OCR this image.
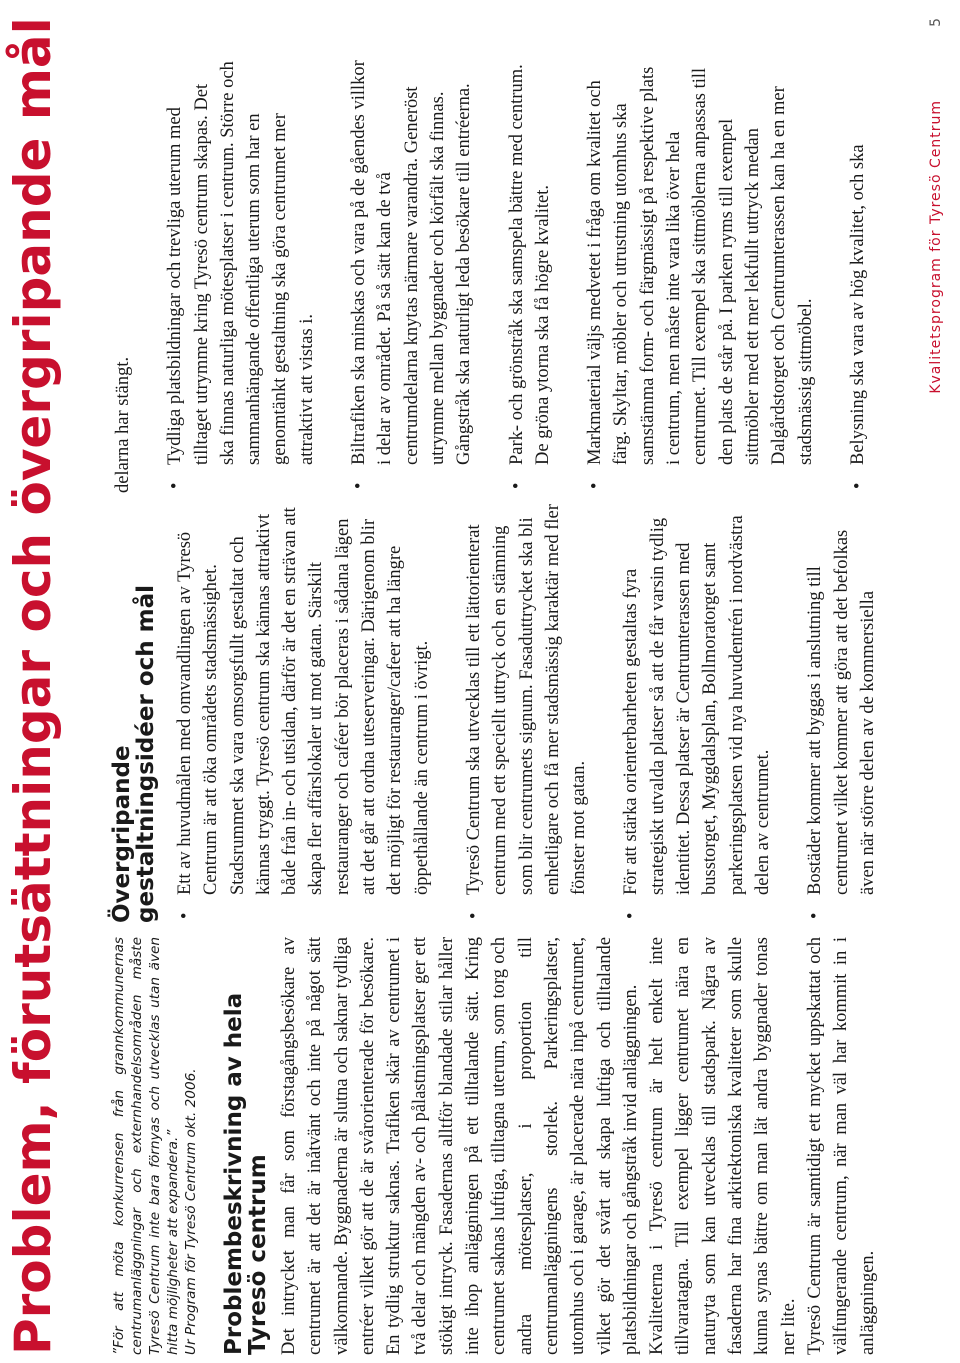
Problem, förutsättningar och övergripande mål	”För att möta konkurrensen från grannkommunernas centrumanläggningar och externhandelsområden måste Tyresö Centrum inte bara förnyas och utvecklas utan även hitta möjligheter att expandera.” Ur Program för Tyresö Centrum okt. 2006. Problembeskrivning av hela
Tyresö centrum Det intrycket man får som förstagångsbesökare av centrumet är att det är inåtvänt och inte på något sätt välkomnande. Byggnaderna är slutna och saknar tydliga entréer vilket gör att de är svårorienterade för besökare. En tydlig struktur saknas. Trafiken skär av centrumet i två delar och mängden av- och pålastningsplatser ger ett stökigt intryck. Fasadernas alltför blandade stilar håller inte ihop anläggningen på ett tilltalande sätt. Kring centrumet saknas luftiga, tilltagna uterum, som torg och andra mötesplatser, i proportion till centrumanläggningens storlek. Parkeringsplatser, utomhus och i garage, är placerade nära inpå centrumet, vilket gör det svårt att skapa luftiga och tilltalande platsbildningar och gångstråk invid anläggningen. Kvaliteterna i Tyresö centrum är helt enkelt inte tillvaratagna. Till exempel ligger centrumet nära en naturyta som kan utvecklas till stadspark. Några av fasaderna har fina arkitektoniska kvaliteter som skulle kunna synas bättre om man lät andra byggnader tonas ner lite. Tyresö Centrum är samtidigt ett mycket uppskattat och välfungerande centrum, när man väl har kommit in i anläggningen.

Övergripande
gestaltningsidéer och mål • Ett av huvudmålen med omvandlingen av Tyresö Centrum är att öka områdets stadsmässighet. Stadsrummet ska vara omsorgsfullt gestaltat och kännas tryggt. Tyresö centrum ska kännas attraktivt både från in- och utsidan, därför är det en strävan att skapa fler affärslokaler ut mot gatan. Särskilt restauranger och caféer bör placeras i sådana lägen att det går att ordna uteserveringar. Därigenom blir det möjligt för restauranger/cafeer att ha längre öppethållande än centrum i övrigt. • Tyresö Centrum ska utvecklas till ett lättorienterat centrum med ett speciellt uttryck och en stämning som blir centrumets signum. Fasaduttrycket ska bli enhetligare och få mer stadsmässig karaktär med fler fönster mot gatan. • För att stärka orienterbarheten gestaltas fyra strategiskt utvalda platser så att de får varsin tydlig identitet. Dessa platser är Centrumterassen med busstorget, Myggdalsplan, Bollmoratorget samt parkeringsplatsen vid nya huvudentrén i nordvästra delen av centrumet. • Bostäder kommer att byggas i anslutning till centrumet vilket kommer att göra att det befolkas även när större delen av de kommersiella

delarna har stängt. • Tydliga platsbildningar och trevliga uterum med tilltaget utrymme kring Tyresö centrum skapas. Det ska finnas naturliga mötesplatser i centrum. Större och sammanhängande offentliga uterum som har en genomtänkt gestaltning ska göra centrumet mer attraktivt att vistas i. • Biltrafiken ska minskas och vara på de gåendes villkor i delar av området. På så sätt kan de två centrumdelarna knytas närmare varandra. Generöst utrymme mellan byggnader och körfält ska finnas. Gångstråk ska naturligt leda besökare till entréerna. • Park- och grönstråk ska samspela bättre med centrum. De gröna ytorna ska få högre kvalitet. • Markmaterial väljs medvetet i fråga om kvalitet och färg. Skyltar, möbler och utrustning utomhus ska samstämma form- och färgmässigt på respektive plats i centrum, men måste inte vara lika över hela centrumet. Till exempel ska sittmöblerna anpassas till den plats de står på. I parken ryms till exempel sittmöbler med ett mer lekfullt uttryck medan Dalgårdstorget och Centrumterassen kan ha en mer stadsmässig sittmöbel. • Belysning ska vara av hög kvalitet, och ska	Kvalitetsprogram för Tyresö Centrum
5
